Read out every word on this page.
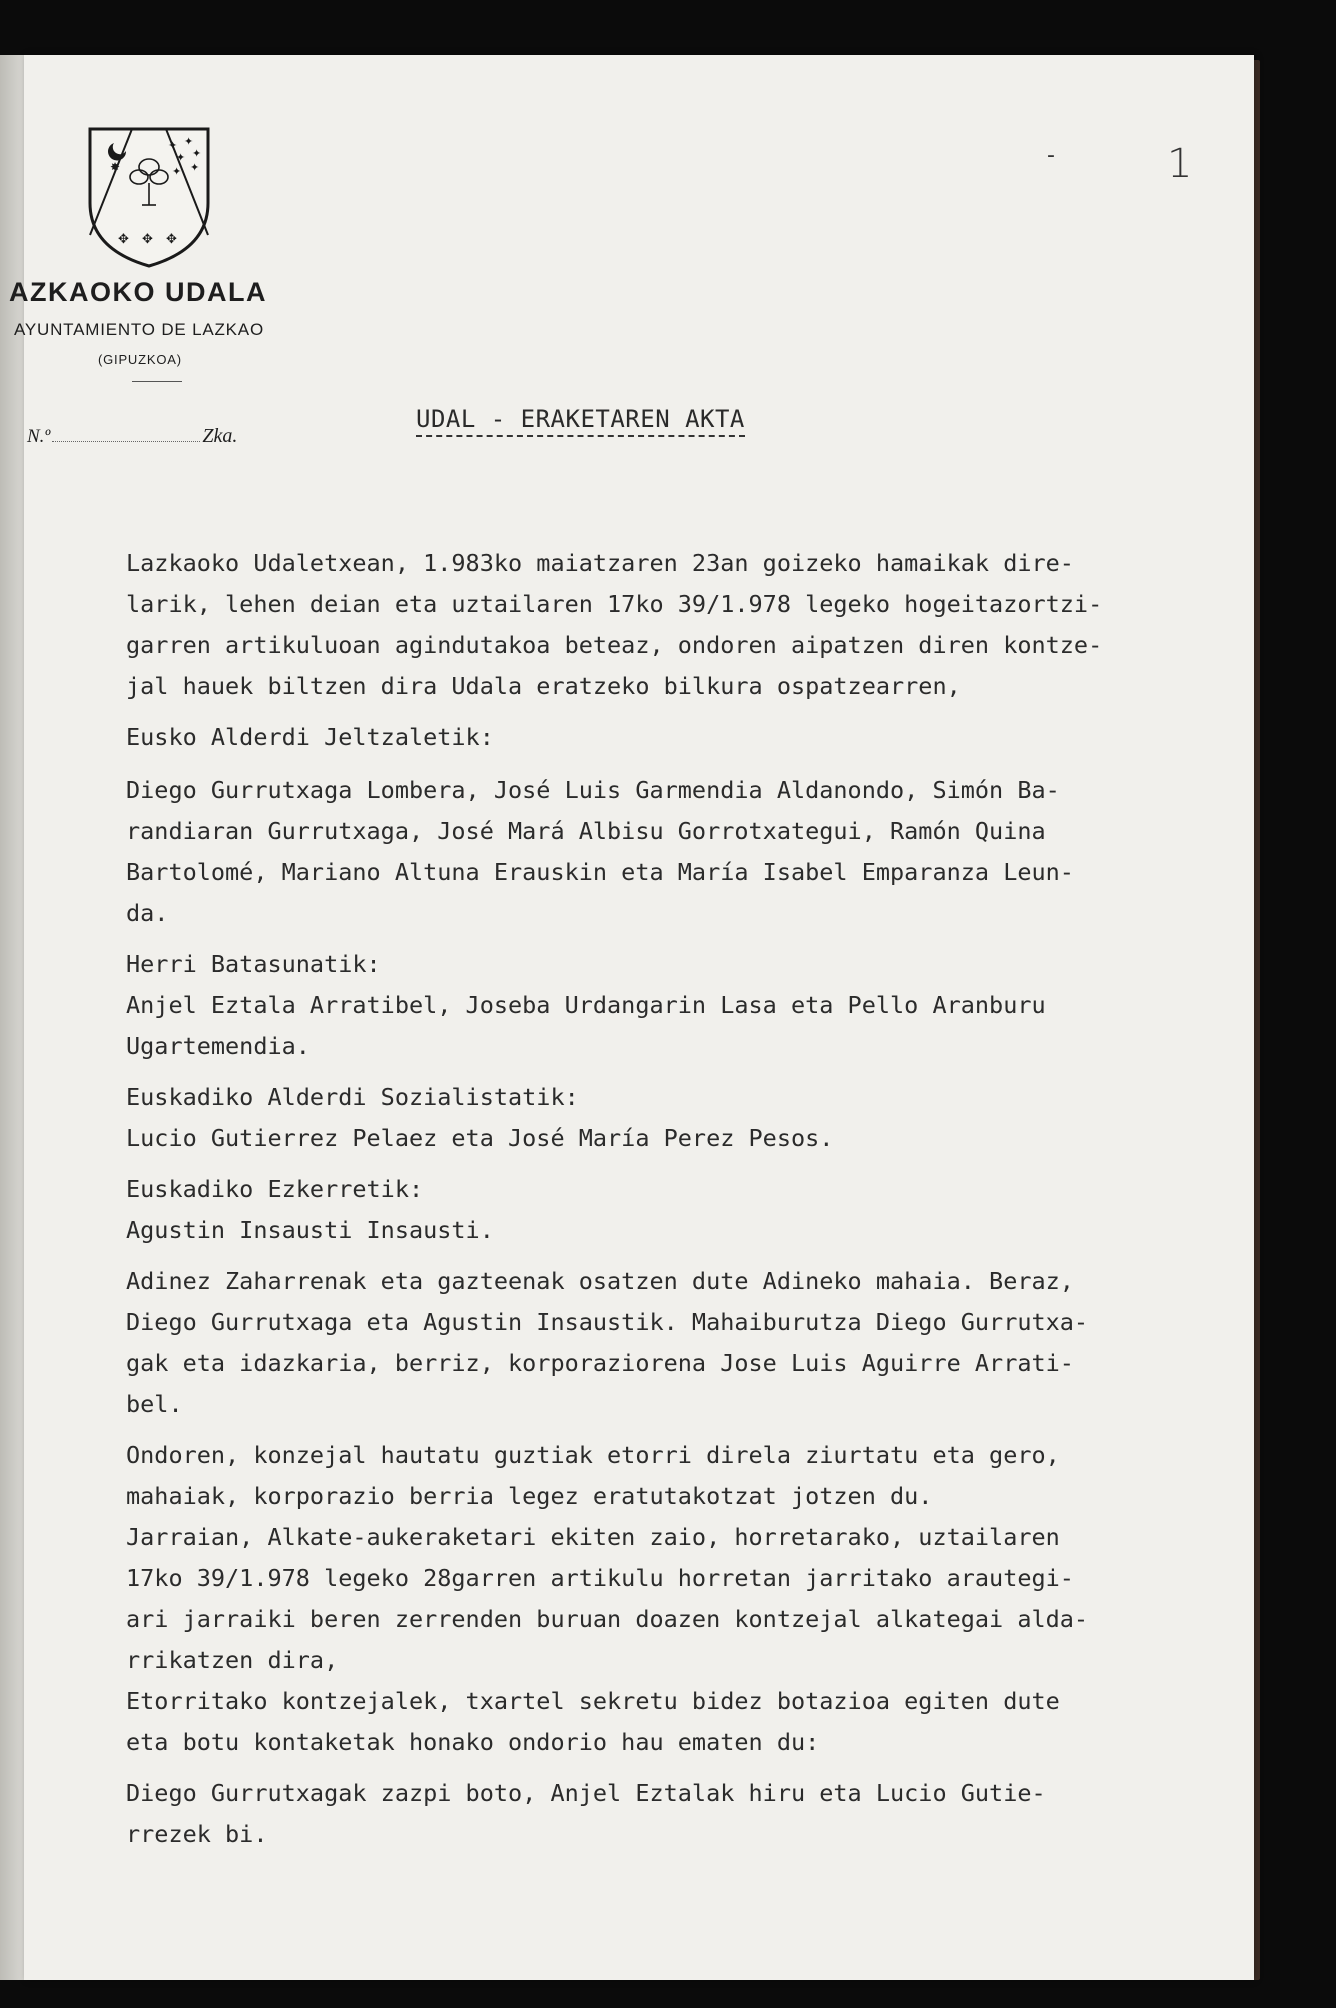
-	1
✸
✦ ✦
✦ ✦
✦ ✦
✥ ✥ ✥
AZKAOKO UDALA
AYUNTAMIENTO DE LAZKAO
(GIPUZKOA)
N.º	Zka.
UDAL - ERAKETAREN AKTA

Lazkaoko Udaletxean, 1.983ko maiatzaren 23an goizeko hamaikak dire-
larik, lehen deian eta uztailaren 17ko 39/1.978 legeko hogeitazortzi-
garren artikuluoan agindutakoa beteaz, ondoren aipatzen diren kontze-
jal hauek biltzen dira Udala eratzeko bilkura ospatzearren,

Eusko Alderdi Jeltzaletik:

Diego Gurrutxaga Lombera, José Luis Garmendia Aldanondo, Simón Ba-
randiaran Gurrutxaga, José Mará Albisu Gorrotxategui, Ramón Quina
Bartolomé, Mariano Altuna Erauskin eta María Isabel Emparanza Leun-
da.

Herri Batasunatik:

Anjel Eztala Arratibel, Joseba Urdangarin Lasa eta Pello Aranburu
Ugartemendia.

Euskadiko Alderdi Sozialistatik:

Lucio Gutierrez Pelaez eta José María Perez Pesos.

Euskadiko Ezkerretik:

Agustin Insausti Insausti.

Adinez Zaharrenak eta gazteenak osatzen dute Adineko mahaia. Beraz,
Diego Gurrutxaga eta Agustin Insaustik. Mahaiburutza Diego Gurrutxa-
gak eta idazkaria, berriz, korporaziorena Jose Luis Aguirre Arrati-
bel.

Ondoren, konzejal hautatu guztiak etorri direla ziurtatu eta gero,
mahaiak, korporazio berria legez eratutakotzat jotzen du.
Jarraian, Alkate-aukeraketari ekiten zaio, horretarako, uztailaren
17ko 39/1.978 legeko 28garren artikulu horretan jarritako arautegi-
ari jarraiki beren zerrenden buruan doazen kontzejal alkategai alda-
rrikatzen dira,
Etorritako kontzejalek, txartel sekretu bidez botazioa egiten dute
eta botu kontaketak honako ondorio hau ematen du:

Diego Gurrutxagak zazpi boto, Anjel Eztalak hiru eta Lucio Gutie-
rrezek bi.
